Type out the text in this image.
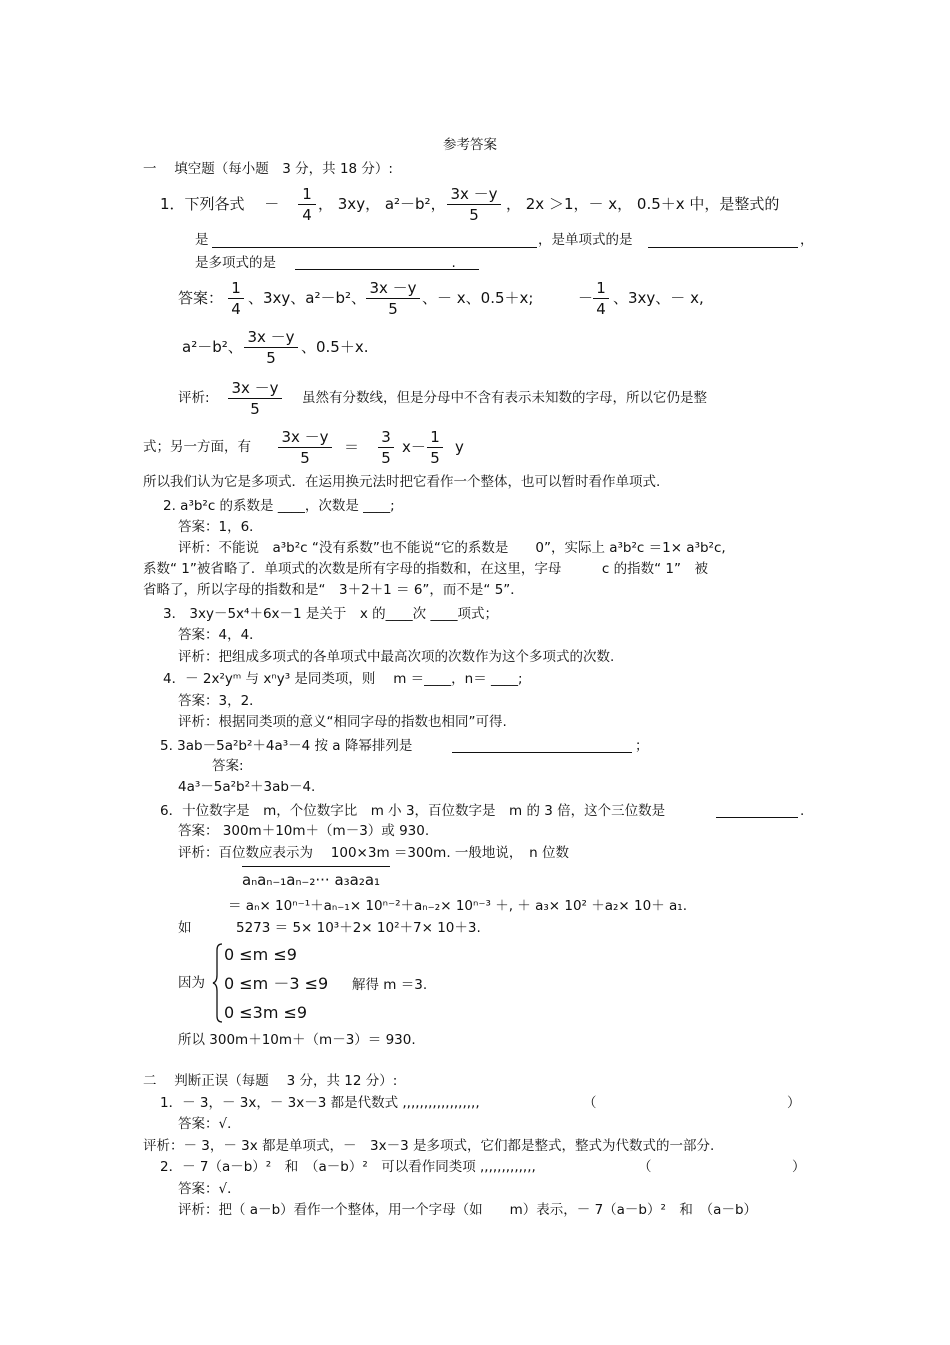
参考答案
一　 填空题（每小题　3 分，共 18 分）:
1．下列各式　 － $\frac{1}{4}$ ， 3xy， a²－b²， $\frac{3x -y}{5}$ ， 2x ＞1，－ x， 0.5＋x 中，是整式的
是	，是单项式的是	，
是多项式的是　　　　　　　　　　　　　.
答案： $\frac{1}{4}$ 、3xy、a²－b²、 $\frac{3x -y}{5}$ 、－ x、0.5＋x;	－ $\frac{1}{4}$ 、3xy、－ x,
a²－b²、 $\frac{3x -y}{5}$ 、0.5＋x.
评析: $\frac{3x -y}{5}$ 虽然有分数线，但是分母中不含有表示未知数的字母，所以它仍是整
式；另一方面，有 $\frac{3x -y}{5} = \frac{3}{5} x- \frac{1}{5}$ y
所以我们认为它是多项式．在运用换元法时把它看作一个整体，也可以暂时看作单项式.
2. a³b²c 的系数是 ____，次数是 ____;
答案：1，6．
评析：不能说　a³b²c “没有系数”也不能说“它的系数是　　0”，实际上 a³b²c ＝1× a³b²c,
系数“ 1”被省略了．单项式的次数是所有字母的指数和，在这里，字母　　　c 的指数“ 1”　被
省略了，所以字母的指数和是“　3＋2＋1 ＝ 6”，而不是“ 5”．
3． 3xy－5x⁴＋6x－1 是关于　x 的____次 ____项式；
答案：4，4．
评析：把组成多项式的各单项式中最高次项的次数作为这个多项式的次数.
4．－ 2x²yᵐ 与 xⁿy³ 是同类项，则　 m ＝____，n＝ ____;
答案：3，2．
评析：根据同类项的意义“相同字母的指数也相同”可得.
5. 3ab－5a²b²＋4a³－4 按 a 降幂排列是	；
答案:
4a³－5a²b²＋3ab－4.
6．十位数字是　m，个位数字比　m 小 3，百位数字是　m 的 3 倍，这个三位数是	.
答案： 300m＋10m＋（m－3）或 930.
评析：百位数应表示为　 100×3m ＝300m. 一般地说，　n 位数
aₙaₙ₋₁aₙ₋₂··· a₃a₂a₁
＝ aₙ× 10ⁿ⁻¹＋aₙ₋₁× 10ⁿ⁻²＋aₙ₋₂× 10ⁿ⁻³ ＋, ＋ a₃× 10² ＋a₂× 10＋ a₁.
如	5273 ＝ 5× 10³＋2× 10²＋7× 10＋3.
因为
0 ≤m ≤9
0 ≤m －3 ≤9
0 ≤3m ≤9
解得 m ＝3.
所以 300m＋10m＋（m－3）＝ 930.
二　 判断正误（每题　 3 分，共 12 分）:
1．－ 3，－ 3x，－ 3x－3 都是代数式 ,,,,,,,,,,,,,,,,,,	（	）
答案：√．
评析：－ 3，－ 3x 都是单项式，－　3x－3 是多项式，它们都是整式，整式为代数式的一部分.
2．－ 7（a－b）²　和　（a－b）²　可以看作同类项 ,,,,,,,,,,,,,	（	）
答案：√．
评析：把（ a－b）看作一个整体，用一个字母（如　　m）表示，－ 7（a－b）²　和　（a－b）
